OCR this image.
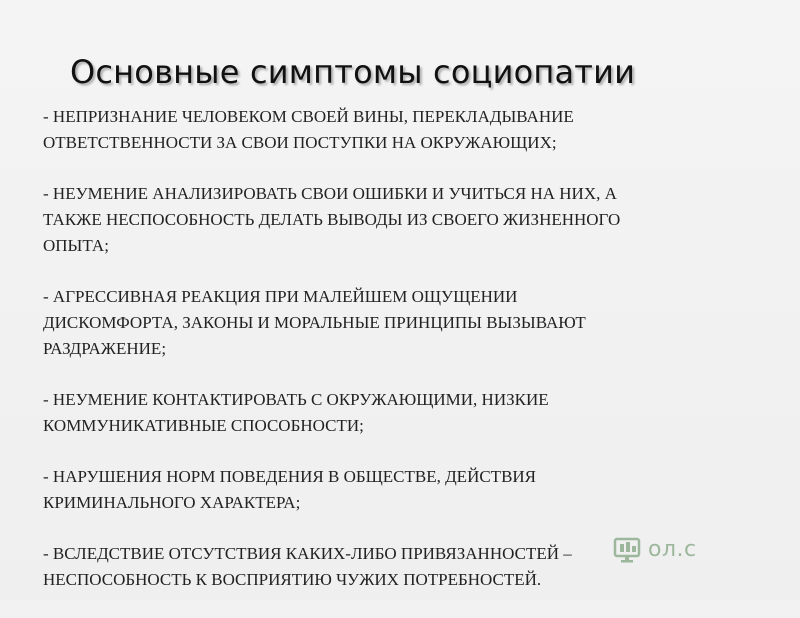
Основные симптомы социопатии
- НЕПРИЗНАНИЕ ЧЕЛОВЕКОМ СВОЕЙ ВИНЫ, ПЕРЕКЛАДЫВАНИЕ
ОТВЕТСТВЕННОСТИ ЗА СВОИ ПОСТУПКИ НА ОКРУЖАЮЩИХ;
- НЕУМЕНИЕ АНАЛИЗИРОВАТЬ СВОИ ОШИБКИ И УЧИТЬСЯ НА НИХ, А
ТАКЖЕ НЕСПОСОБНОСТЬ ДЕЛАТЬ ВЫВОДЫ ИЗ СВОЕГО ЖИЗНЕННОГО
ОПЫТА;
- АГРЕССИВНАЯ РЕАКЦИЯ ПРИ МАЛЕЙШЕМ ОЩУЩЕНИИ
ДИСКОМФОРТА, ЗАКОНЫ И МОРАЛЬНЫЕ ПРИНЦИПЫ ВЫЗЫВАЮТ
РАЗДРАЖЕНИЕ;
- НЕУМЕНИЕ КОНТАКТИРОВАТЬ С ОКРУЖАЮЩИМИ, НИЗКИЕ
КОММУНИКАТИВНЫЕ СПОСОБНОСТИ;
- НАРУШЕНИЯ НОРМ ПОВЕДЕНИЯ В ОБЩЕСТВЕ, ДЕЙСТВИЯ
КРИМИНАЛЬНОГО ХАРАКТЕРА;
- ВСЛЕДСТВИЕ ОТСУТСТВИЯ КАКИХ-ЛИБО ПРИВЯЗАННОСТЕЙ –
НЕСПОСОБНОСТЬ К ВОСПРИЯТИЮ ЧУЖИХ ПОТРЕБНОСТЕЙ.
ол.с
